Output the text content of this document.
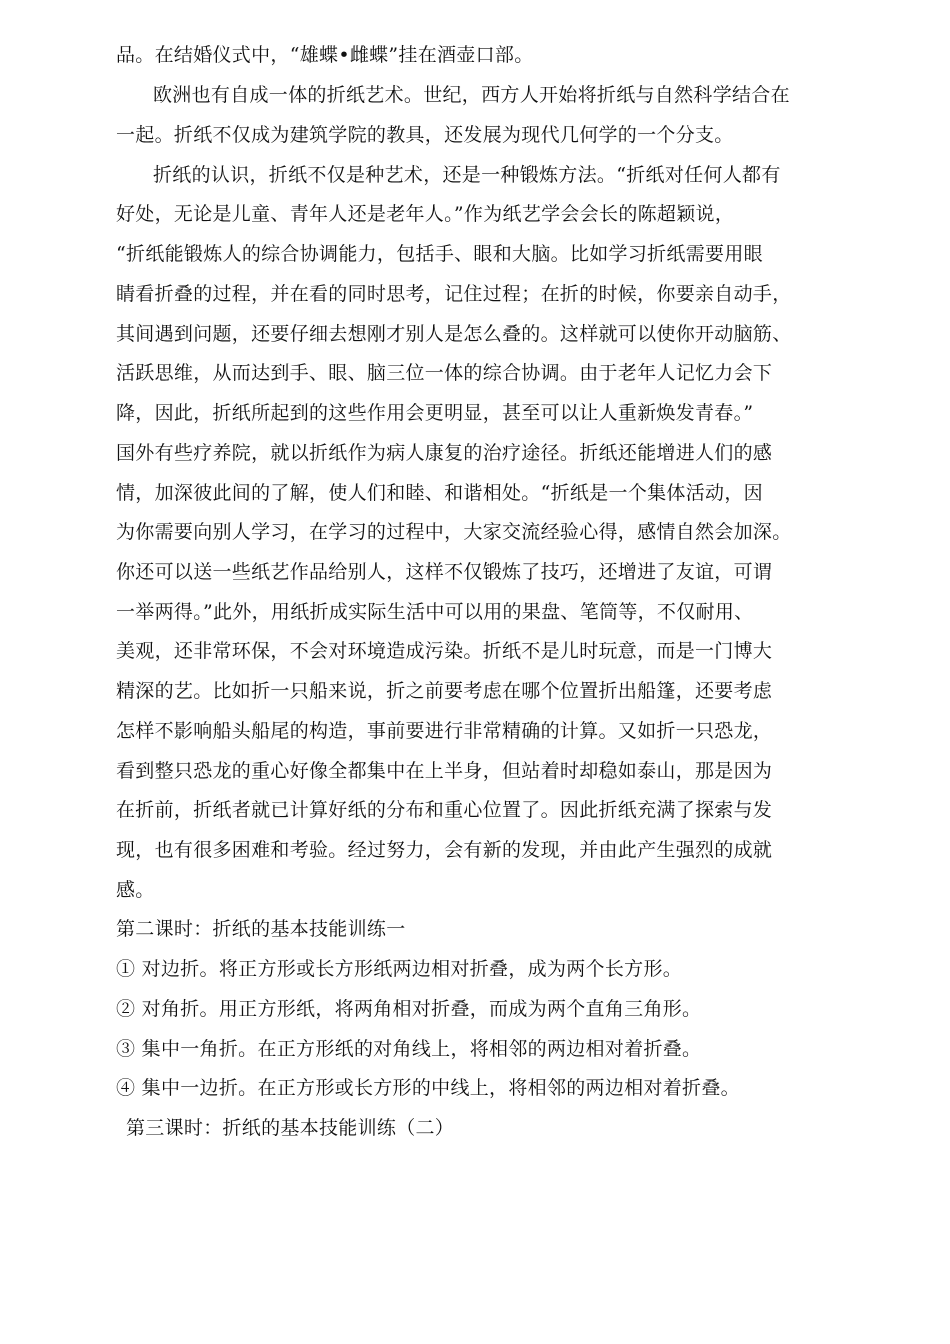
品。在结婚仪式中，“雄蝶•雌蝶”挂在酒壶口部。
欧洲也有自成一体的折纸艺术。世纪，西方人开始将折纸与自然科学结合在
一起。折纸不仅成为建筑学院的教具，还发展为现代几何学的一个分支。
折纸的认识，折纸不仅是种艺术，还是一种锻炼方法。“折纸对任何人都有
好处，无论是儿童、青年人还是老年人。”作为纸艺学会会长的陈超颖说，
“折纸能锻炼人的综合协调能力，包括手、眼和大脑。比如学习折纸需要用眼
睛看折叠的过程，并在看的同时思考，记住过程；在折的时候，你要亲自动手，
其间遇到问题，还要仔细去想刚才别人是怎么叠的。这样就可以使你开动脑筋、
活跃思维，从而达到手、眼、脑三位一体的综合协调。由于老年人记忆力会下
降，因此，折纸所起到的这些作用会更明显，甚至可以让人重新焕发青春。”
国外有些疗养院，就以折纸作为病人康复的治疗途径。折纸还能增进人们的感
情，加深彼此间的了解，使人们和睦、和谐相处。“折纸是一个集体活动，因
为你需要向别人学习，在学习的过程中，大家交流经验心得，感情自然会加深。
你还可以送一些纸艺作品给别人，这样不仅锻炼了技巧，还增进了友谊，可谓
一举两得。”此外，用纸折成实际生活中可以用的果盘、笔筒等，不仅耐用、
美观，还非常环保，不会对环境造成污染。折纸不是儿时玩意，而是一门博大
精深的艺。比如折一只船来说，折之前要考虑在哪个位置折出船篷，还要考虑
怎样不影响船头船尾的构造，事前要进行非常精确的计算。又如折一只恐龙，
看到整只恐龙的重心好像全都集中在上半身，但站着时却稳如泰山，那是因为
在折前，折纸者就已计算好纸的分布和重心位置了。因此折纸充满了探索与发
现，也有很多困难和考验。经过努力，会有新的发现，并由此产生强烈的成就
感。
第二课时：折纸的基本技能训练一
① 对边折。将正方形或长方形纸两边相对折叠，成为两个长方形。
② 对角折。用正方形纸，将两角相对折叠，而成为两个直角三角形。
③ 集中一角折。在正方形纸的对角线上，将相邻的两边相对着折叠。
④ 集中一边折。在正方形或长方形的中线上，将相邻的两边相对着折叠。
第三课时：折纸的基本技能训练（二）
